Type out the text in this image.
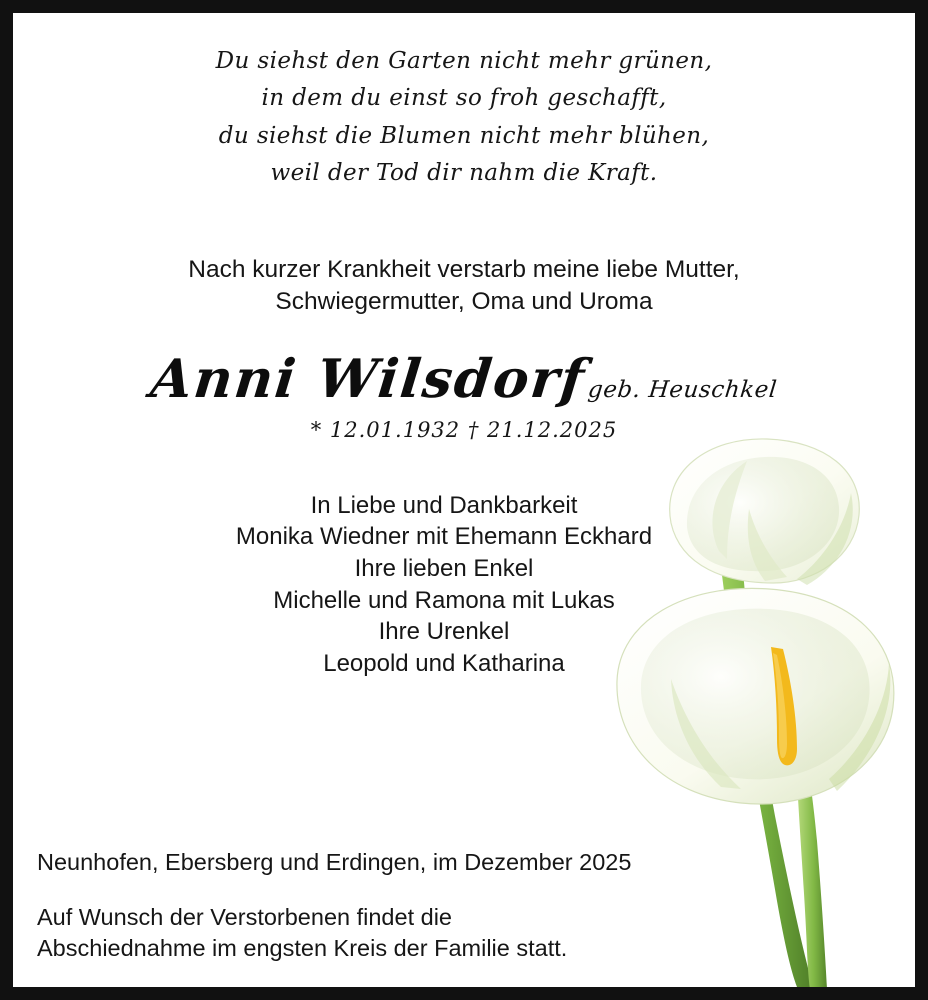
Du siehst den Garten nicht mehr grünen,
in dem du einst so froh geschafft,
du siehst die Blumen nicht mehr blühen,
weil der Tod dir nahm die Kraft.
Nach kurzer Krankheit verstarb meine liebe Mutter,
Schwiegermutter, Oma und Uroma
Anni Wilsdorf
geb. Heuschkel
* 12.01.1932 † 21.12.2025
In Liebe und Dankbarkeit
Monika Wiedner mit Ehemann Eckhard
Ihre lieben Enkel
Michelle und Ramona mit Lukas
Ihre Urenkel
Leopold und Katharina
Neunhofen, Ebersberg und Erdingen, im Dezember 2025
Auf Wunsch der Verstorbenen findet die
Abschiednahme im engsten Kreis der Familie statt.
